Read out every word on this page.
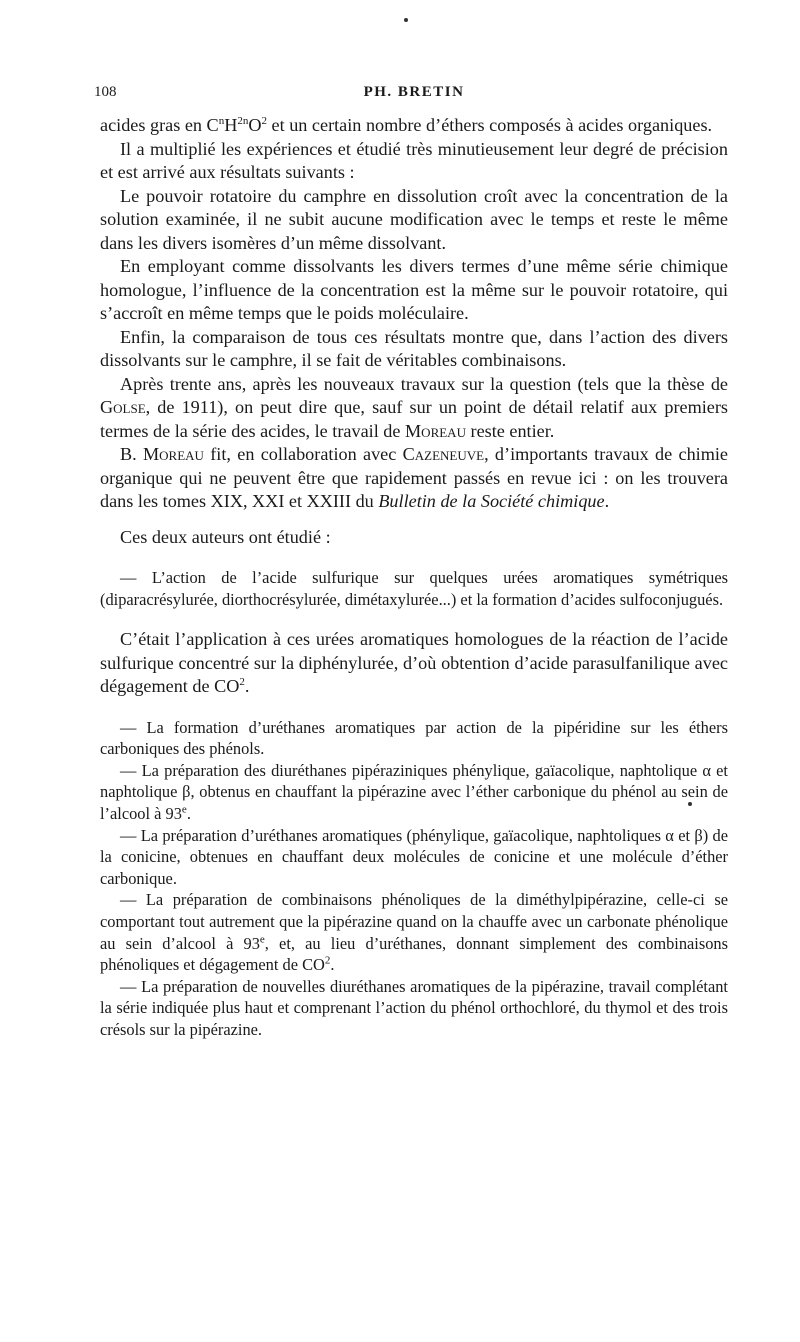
108	PH. BRETIN

acides gras en $C^nH^{2n}O^2$ et un certain nombre d’éthers composés à acides organiques.

Il a multiplié les expériences et étudié très minutieusement leur degré de précision et est arrivé aux résultats suivants :

Le pouvoir rotatoire du camphre en dissolution croît avec la concentration de la solution examinée, il ne subit aucune modification avec le temps et reste le même dans les divers isomères d’un même dissolvant.

En employant comme dissolvants les divers termes d’une même série chimique homologue, l’influence de la concentration est la même sur le pouvoir rotatoire, qui s’accroît en même temps que le poids moléculaire.

Enfin, la comparaison de tous ces résultats montre que, dans l’action des divers dissolvants sur le camphre, il se fait de véritables combinaisons.

Après trente ans, après les nouveaux travaux sur la question (tels que la thèse de Golse, de 1911), on peut dire que, sauf sur un point de détail relatif aux premiers termes de la série des acides, le travail de Moreau reste entier.

B. Moreau fit, en collaboration avec Cazeneuve, d’importants travaux de chimie organique qui ne peuvent être que rapidement passés en revue ici : on les trouvera dans les tomes XIX, XXI et XXIII du Bulletin de la Société chimique.

Ces deux auteurs ont étudié :

— L’action de l’acide sulfurique sur quelques urées aromatiques symétriques (diparacrésylurée, diorthocrésylurée, dimétaxylurée...) et la formation d’acides sulfoconjugués.

C’était l’application à ces urées aromatiques homologues de la réaction de l’acide sulfurique concentré sur la diphénylurée, d’où obtention d’acide parasulfanilique avec dégagement de $CO^2$.

— La formation d’uréthanes aromatiques par action de la pipéridine sur les éthers carboniques des phénols.

— La préparation des diuréthanes pipéraziniques phénylique, gaïacolique, naphtolique α et naphtolique β, obtenus en chauffant la pipérazine avec l’éther carbonique du phénol au sein de l’alcool à 93e.

— La préparation d’uréthanes aromatiques (phénylique, gaïacolique, naphtoliques α et β) de la conicine, obtenues en chauffant deux molécules de conicine et une molécule d’éther carbonique.

— La préparation de combinaisons phénoliques de la diméthylpipérazine, celle-ci se comportant tout autrement que la pipérazine quand on la chauffe avec un carbonate phénolique au sein d’alcool à 93e, et, au lieu d’uréthanes, donnant simplement des combinaisons phénoliques et dégagement de $CO^2$.

— La préparation de nouvelles diuréthanes aromatiques de la pipérazine, travail complétant la série indiquée plus haut et comprenant l’action du phénol orthochloré, du thymol et des trois crésols sur la pipérazine.
